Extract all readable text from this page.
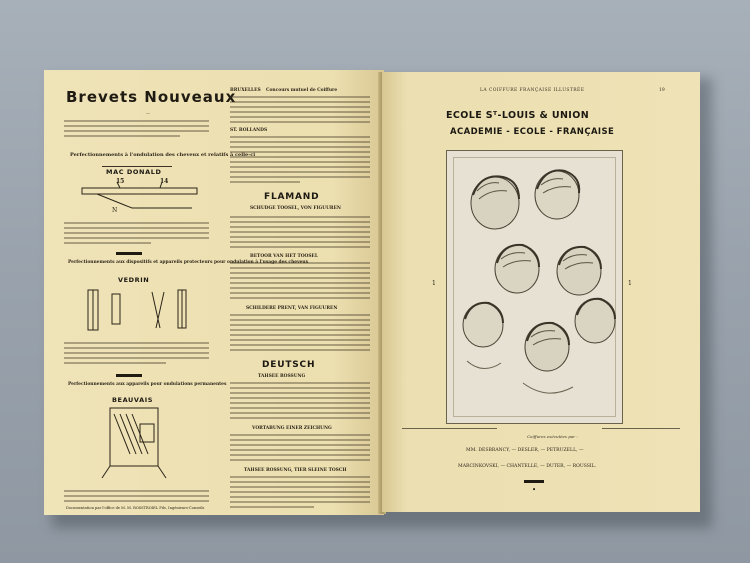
Brevets Nouveaux
—
Perfectionnements à l'ondulation des cheveux et relatifs à celle-ci
MAC DONALD
N
15	14
Perfectionnements aux dispositifs et appareils protecteurs pour ondulation à l'usage des cheveux
VEDRIN
Perfectionnements aux appareils pour ondulations permanentes
BEAUVAIS
Documentation par l'office de M. M. ROSSTROIEL Fils, Ingénieurs-Conseils
BRUXELLES Concours mutuel de Coiffure
ST. BOLLANDS
FLAMAND
SCHUDGE TOOSEL, VON FIGUUREN
BETOOR VAN HET TOOSEL
SCHILDERE PRENT, VAN FIGUUREN
DEUTSCH
TAHSEE ROSSUNG
VORTABUNG EINER ZEICHUNG
TAHSEE ROSSUNG, TIER SLEINE TOSCH
LA COIFFURE FRANÇAISE ILLUSTRÉE	19
ECOLE Sᵀ-LOUIS & UNION
ACADEMIE - ECOLE - FRANÇAISE
1	1
Coiffures exécutées par :
MM. DESBRANCY, — DESLER, — PETRUZELL, —
MARCINKOVSKI, — CHANTELLE, — DUTER, — ROUSSIL.
•
